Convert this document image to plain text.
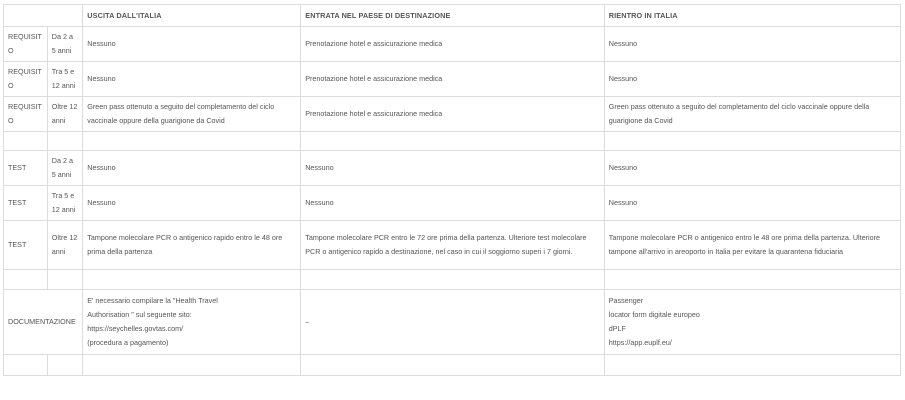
		USCITA DALL'ITALIA	ENTRATA NEL PAESE DI DESTINAZIONE	RIENTRO IN ITALIA
REQUISITO	Da 2 a 5 anni	Nessuno	Prenotazione hotel e assicurazione medica	Nessuno
REQUISITO	Tra 5 e 12 anni	Nessuno	Prenotazione hotel e assicurazione medica	Nessuno
REQUISITO	Oltre 12 anni	Green pass ottenuto a seguito del completamento del ciclo vaccinale oppure della guarigione da Covid	Prenotazione hotel e assicurazione medica	Green pass ottenuto a seguito del completamento del ciclo vaccinale oppure della guarigione da Covid

TEST	Da 2 a 5 anni	Nessuno	Nessuno	Nessuno
TEST	Tra 5 e 12 anni	Nessuno	Nessuno	Nessuno
TEST	Oltre 12 anni	Tampone molecolare PCR o antigenico rapido entro le 48 ore prima della partenza	Tampone molecolare PCR entro le 72 ore prima della partenza. Ulteriore test molecolare PCR o antigenico rapido a destinazione, nel caso in cui il soggiorno superi i 7 giorni.	Tampone molecolare PCR o antigenico entro le 48 ore prima della partenza. Ulteriore tampone all'arrivo in areoporto in Italia per evitare la quarantena fiduciaria

DOCUMENTAZIONE		E' necessario compilare la "Health Travel
Authorisation " sul seguente sito:
https://seychelles.govtas.com/
(procedura a pagamento)	–	Passenger
locator form digitale europeo
dPLF
https://app.euplf.eu/
